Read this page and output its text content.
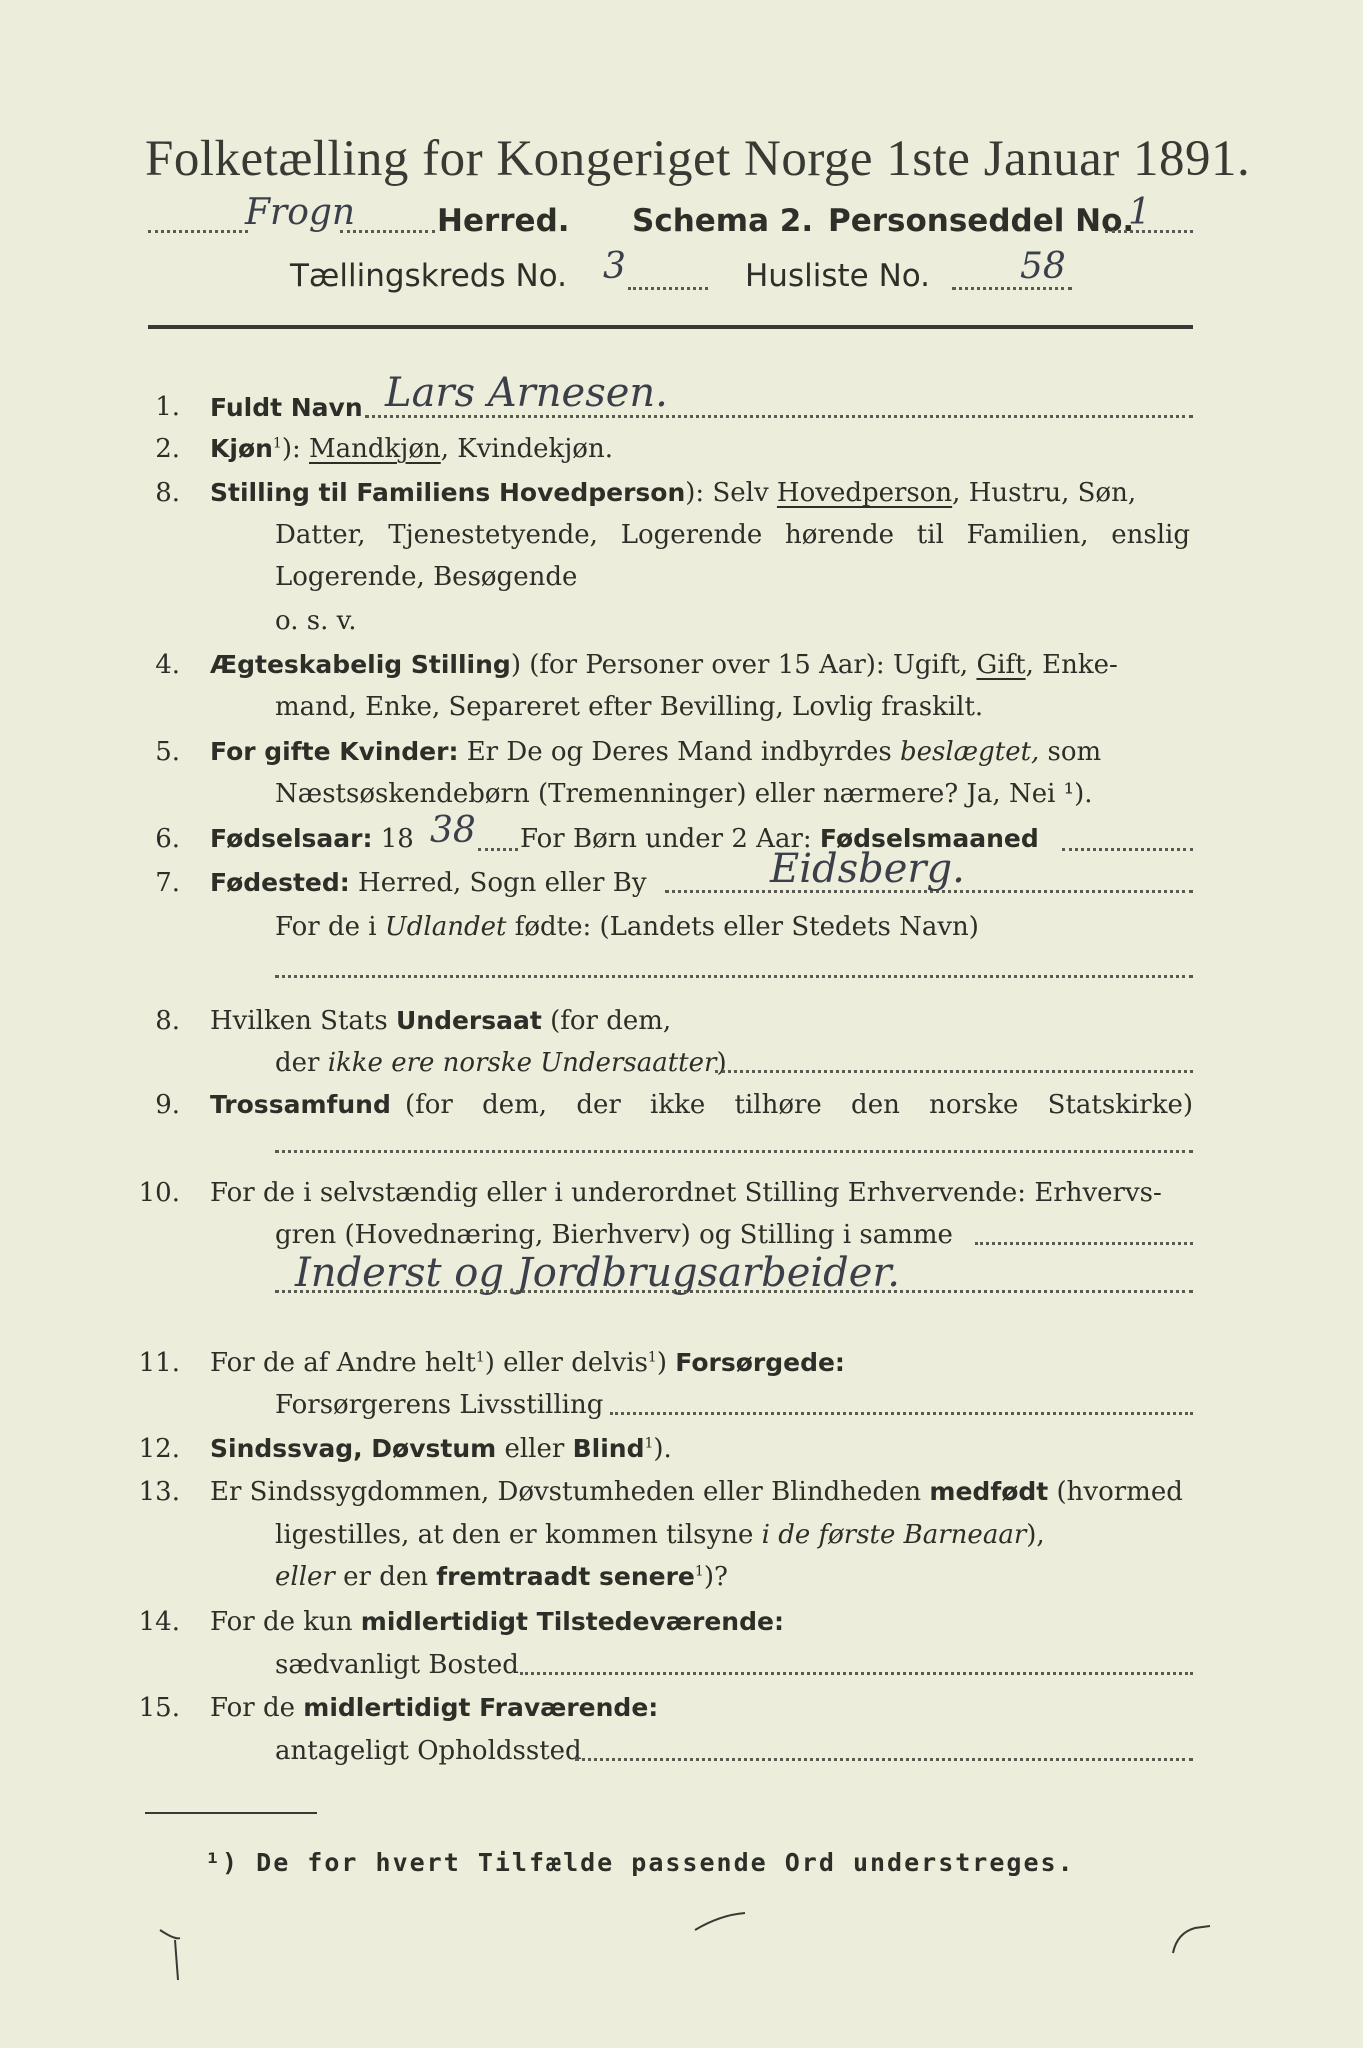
Folketælling for Kongeriget Norge 1ste Januar 1891.
Frogn	Herred. Schema 2. Personseddel No.
1
Tællingskreds No. 3	Husliste No. 58
1. Fuldt Navn Lars Arnesen.
2. Kjøn$^1$): Mandkjøn, Kvindekjøn.
8. Stilling til Familiens Hovedperson): Selv Hovedperson, Hustru, Søn,
Datter, Tjenestetyende, Logerende hørende til Familien, enslig
Logerende, Besøgende
o. s. v.
4. Ægteskabelig Stilling) (for Personer over 15 Aar): Ugift, Gift, Enke-
mand, Enke, Separeret efter Bevilling, Lovlig fraskilt.
5. For gifte Kvinder: Er De og Deres Mand indbyrdes beslægtet, som
Næstsøskendebørn (Tremenninger) eller nærmere? Ja, Nei ¹).
6. Fødselsaar: 18 38 For Børn under 2 Aar: Fødselsmaaned
7. Fødested: Herred, Sogn eller By	Eidsberg.
For de i Udlandet fødte: (Landets eller Stedets Navn)
8. Hvilken Stats Undersaat (for dem,
der ikke ere norske Undersaatter)
9. Trossamfund (for dem, der ikke tilhøre den norske Statskirke)
10. For de i selvstændig eller i underordnet Stilling Erhvervende: Erhvervs-
gren (Hovednæring, Bierhverv) og Stilling i samme
Inderst og Jordbrugsarbeider.
11. For de af Andre helt$^1$) eller delvis$^1$) Forsørgede:
Forsørgerens Livsstilling
12. Sindssvag, Døvstum eller Blind$^1$).
13. Er Sindssygdommen, Døvstumheden eller Blindheden medfødt (hvormed
ligestilles, at den er kommen tilsyne i de første Barneaar),
eller er den fremtraadt senere$^1$)?
14. For de kun midlertidigt Tilstedeværende:
sædvanligt Bosted
15. For de midlertidigt Fraværende:
antageligt Opholdssted
¹) De for hvert Tilfælde passende Ord understreges.
